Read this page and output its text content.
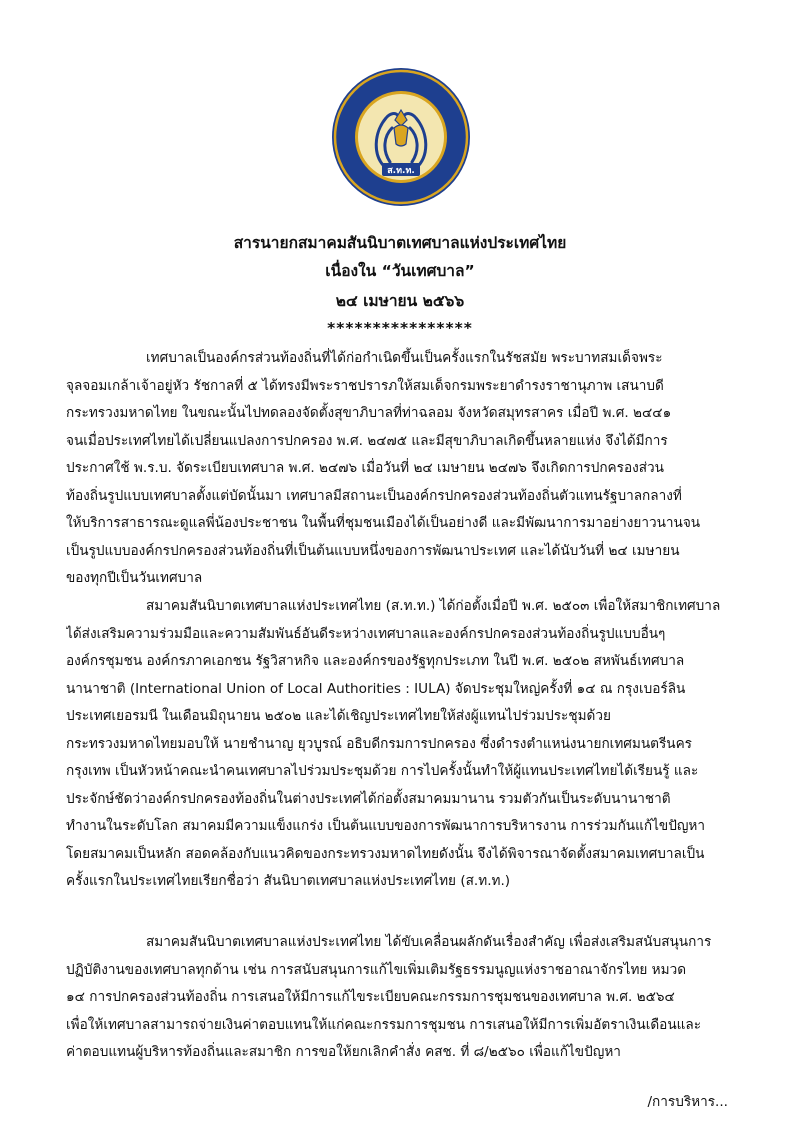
ส.ท.ท.
สารนายกสมาคมสันนิบาตเทศบาลแห่งประเทศไทย
เนื่องใน “วันเทศบาล”
๒๔ เมษายน ๒๕๖๖
****************
เทศบาลเป็นองค์กรส่วนท้องถิ่นที่ได้ก่อกำเนิดขึ้นเป็นครั้งแรกในรัชสมัย พระบาทสมเด็จพระ
จุลจอมเกล้าเจ้าอยู่หัว รัชกาลที่ ๕ ได้ทรงมีพระราชปรารภให้สมเด็จกรมพระยาดำรงราชานุภาพ เสนาบดี
กระทรวงมหาดไทย ในขณะนั้นไปทดลองจัดตั้งสุขาภิบาลที่ท่าฉลอม จังหวัดสมุทรสาคร เมื่อปี พ.ศ. ๒๔๔๑
จนเมื่อประเทศไทยได้เปลี่ยนแปลงการปกครอง พ.ศ. ๒๔๗๕ และมีสุขาภิบาลเกิดขึ้นหลายแห่ง จึงได้มีการ
ประกาศใช้ พ.ร.บ. จัดระเบียบเทศบาล พ.ศ. ๒๔๗๖ เมื่อวันที่ ๒๔ เมษายน ๒๔๗๖ จึงเกิดการปกครองส่วน
ท้องถิ่นรูปแบบเทศบาลตั้งแต่บัดนั้นมา เทศบาลมีสถานะเป็นองค์กรปกครองส่วนท้องถิ่นตัวแทนรัฐบาลกลางที่
ให้บริการสาธารณะดูแลพี่น้องประชาชน ในพื้นที่ชุมชนเมืองได้เป็นอย่างดี และมีพัฒนาการมาอย่างยาวนานจน
เป็นรูปแบบองค์กรปกครองส่วนท้องถิ่นที่เป็นต้นแบบหนึ่งของการพัฒนาประเทศ และได้นับวันที่ ๒๔ เมษายน
ของทุกปีเป็นวันเทศบาล
สมาคมสันนิบาตเทศบาลแห่งประเทศไทย (ส.ท.ท.) ได้ก่อตั้งเมื่อปี พ.ศ. ๒๕๐๓ เพื่อให้สมาชิกเทศบาล
ได้ส่งเสริมความร่วมมือและความสัมพันธ์อันดีระหว่างเทศบาลและองค์กรปกครองส่วนท้องถิ่นรูปแบบอื่นๆ
องค์กรชุมชน องค์กรภาคเอกชน รัฐวิสาหกิจ และองค์กรของรัฐทุกประเภท ในปี พ.ศ. ๒๕๐๒ สหพันธ์เทศบาล
นานาชาติ (International Union of Local Authorities : IULA) จัดประชุมใหญ่ครั้งที่ ๑๔ ณ กรุงเบอร์ลิน
ประเทศเยอรมนี ในเดือนมิถุนายน ๒๕๐๒ และได้เชิญประเทศไทยให้ส่งผู้แทนไปร่วมประชุมด้วย
กระทรวงมหาดไทยมอบให้ นายชำนาญ ยุวบูรณ์ อธิบดีกรมการปกครอง ซึ่งดำรงตำแหน่งนายกเทศมนตรีนคร
กรุงเทพ เป็นหัวหน้าคณะนำคนเทศบาลไปร่วมประชุมด้วย การไปครั้งนั้นทำให้ผู้แทนประเทศไทยได้เรียนรู้ และ
ประจักษ์ชัดว่าองค์กรปกครองท้องถิ่นในต่างประเทศได้ก่อตั้งสมาคมมานาน รวมตัวกันเป็นระดับนานาชาติ
ทำงานในระดับโลก สมาคมมีความแข็งแกร่ง เป็นต้นแบบของการพัฒนาการบริหารงาน การร่วมกันแก้ไขปัญหา
โดยสมาคมเป็นหลัก สอดคล้องกับแนวคิดของกระทรวงมหาดไทยดังนั้น จึงได้พิจารณาจัดตั้งสมาคมเทศบาลเป็น
ครั้งแรกในประเทศไทยเรียกชื่อว่า สันนิบาตเทศบาลแห่งประเทศไทย (ส.ท.ท.)
สมาคมสันนิบาตเทศบาลแห่งประเทศไทย ได้ขับเคลื่อนผลักดันเรื่องสำคัญ เพื่อส่งเสริมสนับสนุนการ
ปฏิบัติงานของเทศบาลทุกด้าน เช่น การสนับสนุนการแก้ไขเพิ่มเติมรัฐธรรมนูญแห่งราชอาณาจักรไทย หมวด
๑๔ การปกครองส่วนท้องถิ่น การเสนอให้มีการแก้ไขระเบียบคณะกรรมการชุมชนของเทศบาล พ.ศ. ๒๕๖๔
เพื่อให้เทศบาลสามารถจ่ายเงินค่าตอบแทนให้แก่คณะกรรมการชุมชน การเสนอให้มีการเพิ่มอัตราเงินเดือนและ
ค่าตอบแทนผู้บริหารท้องถิ่นและสมาชิก การขอให้ยกเลิกคำสั่ง คสช. ที่ ๘/๒๕๖๐ เพื่อแก้ไขปัญหา
/การบริหาร...
